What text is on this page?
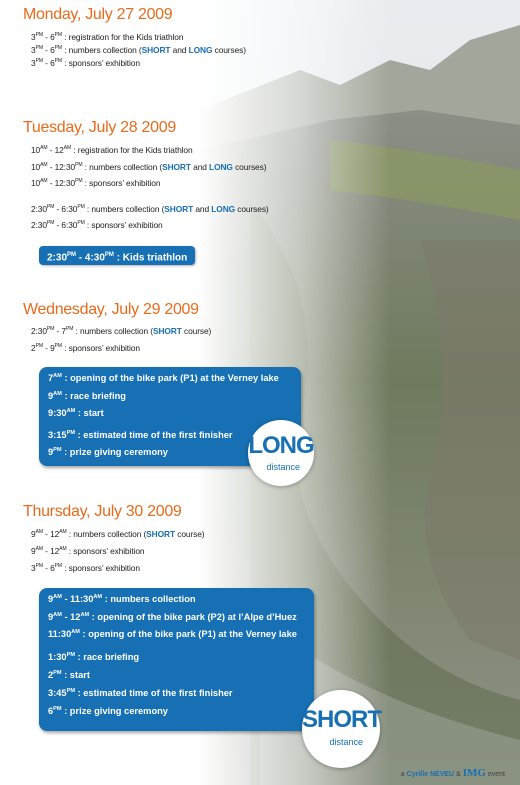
Monday, July 27 2009
$3^{PM} - 6^{PM}$ : registration for the Kids triathlon
$3^{PM} - 6^{PM}$ : numbers collection (SHORT and LONG courses)
$3^{PM} - 6^{PM}$ : sponsors’ exhibition
Tuesday, July 28 2009
$10^{AM} - 12^{AM}$ : registration for the Kids triathlon
$10^{AM}$ - $12:30^{PM}$ : numbers collection (SHORT and LONG courses)
$10^{AM}$ - $12:30^{PM}$ : sponsors’ exhibition
$2:30^{PM}$ - $6:30^{PM}$ : numbers collection (SHORT and LONG courses)
$2:30^{PM}$ - $6:30^{PM}$ : sponsors’ exhibition
$2:30^{PM}$ - $4:30^{PM}$ : Kids triathlon
Wednesday, July 29 2009
$2:30^{PM} - 7^{PM}$ : numbers collection (SHORT course)
$2^{PM} - 9^{PM}$ : sponsors’ exhibition
$7^{AM}$ : opening of the bike park (P1) at the Verney lake
$9^{AM}$ : race briefing
$9:30^{AM}$ : start
$3:15^{PM}$ : estimated time of the first finisher
$9^{PM}$ : prize giving ceremony	LONG
distance
Thursday, July 30 2009
$9^{AM} - 12^{AM}$ : numbers collection (SHORT course)
$9^{AM} - 12^{AM}$ : sponsors’ exhibition
$3^{PM} - 6^{PM}$ : sponsors’ exhibition
$9^{AM}$ - $11:30^{AM}$ : numbers collection
$9^{AM} - 12^{AM}$ : opening of the bike park (P2) at l’Alpe d’Huez
$11:30^{AM}$ : opening of the bike park (P1) at the Verney lake
$1:30^{PM}$ : race briefing
$2^{PM}$ : start
$3:45^{PM}$ : estimated time of the first finisher
$6^{PM}$ : prize giving ceremony	SHORT
distance
a Cyrille NEVEU & IMG event
